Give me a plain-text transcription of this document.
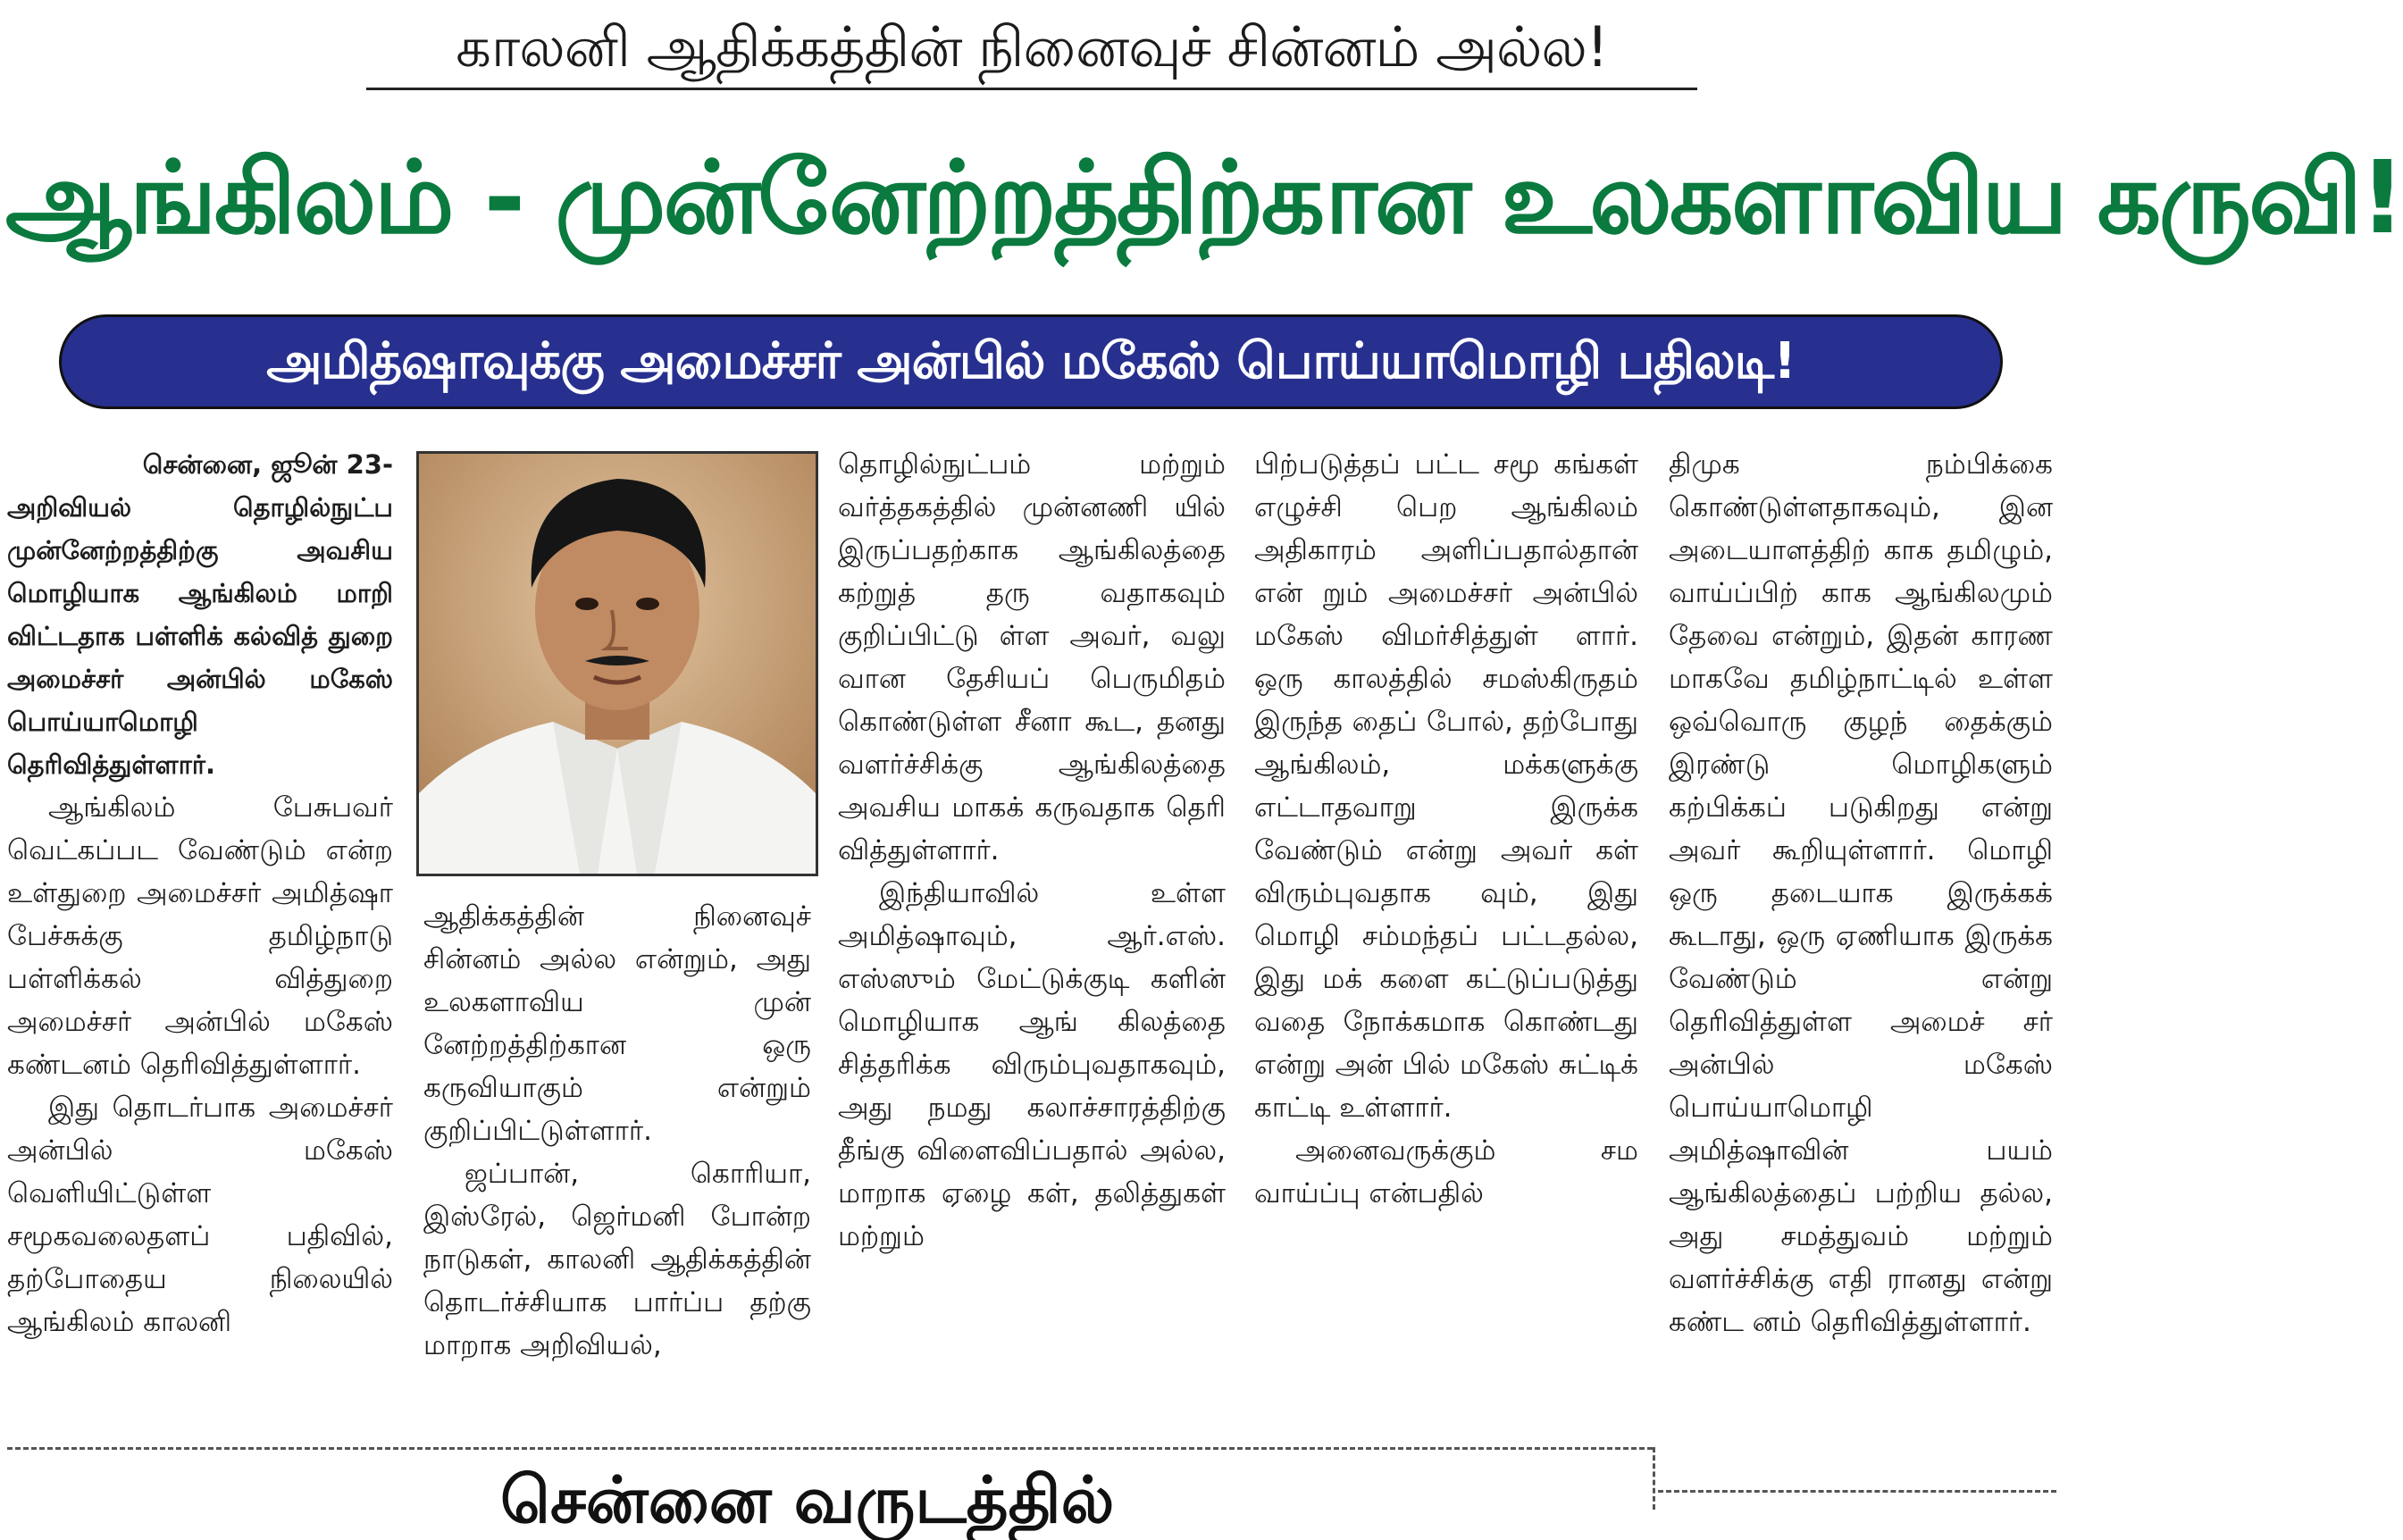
காலனி ஆதிக்கத்தின் நினைவுச் சின்னம் அல்ல!
ஆங்கிலம் - முன்னேற்றத்திற்கான உலகளாவிய கருவி!
அமித்ஷாவுக்கு அமைச்சர் அன்பில் மகேஸ் பொய்யாமொழி பதிலடி!
சென்னை, ஜூன் 23-
அறிவியல் தொழில்நுட்ப முன்னேற்றத்திற்கு அவசிய மொழியாக ஆங்கிலம் மாறி விட்டதாக பள்ளிக் கல்வித் துறை அமைச்சர் அன்பில் மகேஸ் பொய்யாமொழி தெரிவித்துள்ளார்.

ஆங்கிலம் பேசுபவர் வெட்கப்பட வேண்டும் என்ற உள்துறை அமைச்சர் அமித்ஷா பேச்சுக்கு தமிழ்நாடு பள்ளிக்கல் வித்துறை அமைச்சர் அன்பில் மகேஸ் கண்டனம் தெரிவித்துள்ளார்.

இது தொடர்பாக அமைச்சர் அன்பில் மகேஸ் வெளியிட்டுள்ள சமூகவலைதளப் பதிவில், தற்போதைய நிலையில் ஆங்கிலம் காலனி

ஆதிக்கத்தின் நினைவுச் சின்னம் அல்ல என்றும், அது உலகளாவிய முன் னேற்றத்திற்கான ஒரு கருவியாகும் என்றும் குறிப்பிட்டுள்ளார்.

ஜப்பான், கொரியா, இஸ்ரேல், ஜெர்மனி போன்ற நாடுகள், காலனி ஆதிக்கத்தின் தொடர்ச்சியாக பார்ப்ப தற்கு மாறாக அறிவியல்,

தொழில்நுட்பம் மற்றும் வர்த்தகத்தில் முன்னணி யில் இருப்பதற்காக ஆங்கிலத்தை கற்றுத் தரு வதாகவும் குறிப்பிட்டு ள்ள அவர், வலு வான தேசியப் பெருமிதம் கொண்டுள்ள சீனா கூட, தனது வளர்ச்சிக்கு ஆங்கிலத்தை அவசிய மாகக் கருவதாக தெரி வித்துள்ளார்.

இந்தியாவில் உள்ள அமித்ஷாவும், ஆர்.எஸ். எஸ்ஸும் மேட்டுக்குடி களின் மொழியாக ஆங் கிலத்தை சித்தரிக்க விரும்புவதாகவும், அது நமது கலாச்சாரத்திற்கு தீங்கு விளைவிப்பதால் அல்ல, மாறாக ஏழை கள், தலித்துகள் மற்றும்

பிற்படுத்தப் பட்ட சமூ கங்கள் எழுச்சி பெற ஆங்கிலம் அதிகாரம் அளிப்பதால்தான் என் றும் அமைச்சர் அன்பில் மகேஸ் விமர்சித்துள் ளார். ஒரு காலத்தில் சமஸ்கிருதம் இருந்த தைப் போல், தற்போது ஆங்கிலம், மக்களுக்கு எட்டாதவாறு இருக்க வேண்டும் என்று அவர் கள் விரும்புவதாக வும், இது மொழி சம்மந்தப் பட்டதல்ல, இது மக் களை கட்டுப்படுத்து வதை நோக்கமாக கொண்டது என்று அன் பில் மகேஸ் சுட்டிக் காட்டி உள்ளார்.

அனைவருக்கும் சம வாய்ப்பு என்பதில்

திமுக நம்பிக்கை கொண்டுள்ளதாகவும், இன அடையாளத்திற் காக தமிழும், வாய்ப்பிற் காக ஆங்கிலமும் தேவை என்றும், இதன் காரண மாகவே தமிழ்நாட்டில் உள்ள ஒவ்வொரு குழந் தைக்கும் இரண்டு மொழிகளும் கற்பிக்கப் படுகிறது என்று அவர் கூறியுள்ளார். மொழி ஒரு தடையாக இருக்கக் கூடாது, ஒரு ஏணியாக இருக்க வேண்டும் என்று தெரிவித்துள்ள அமைச் சர் அன்பில் மகேஸ் பொய்யாமொழி அமித்ஷாவின் பயம் ஆங்கிலத்தைப் பற்றிய தல்ல, அது சமத்துவம் மற்றும் வளர்ச்சிக்கு எதி ரானது என்று கண்ட னம் தெரிவித்துள்ளார்.

சென்னை வருடத்தில்
